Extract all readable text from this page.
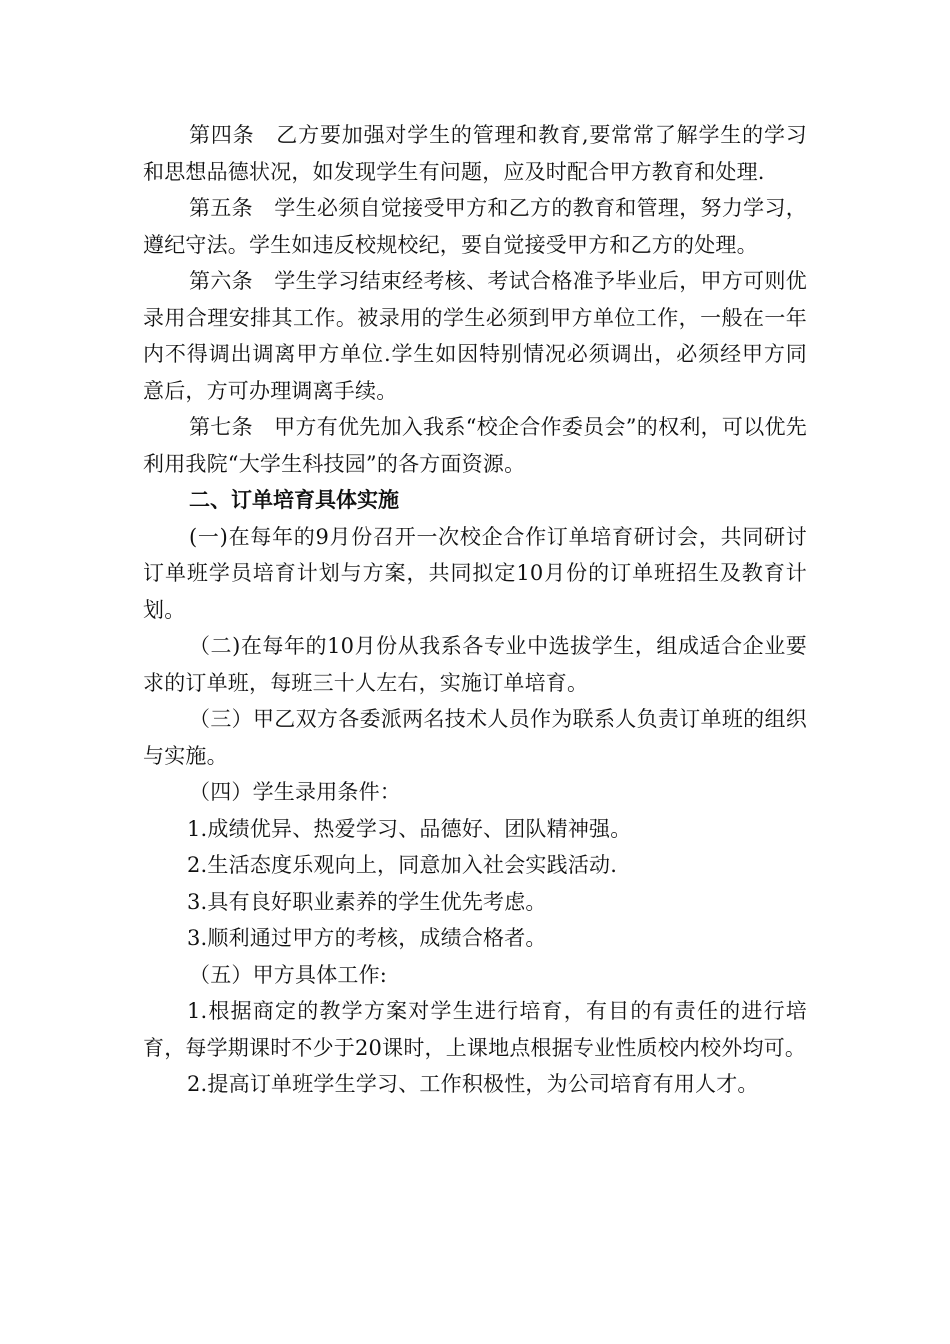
第四条　乙方要加强对学生的管理和教育,要常常了解学生的学习和思想品德状况，如发现学生有问题，应及时配合甲方教育和处理.

第五条　学生必须自觉接受甲方和乙方的教育和管理，努力学习，遵纪守法。学生如违反校规校纪，要自觉接受甲方和乙方的处理。

第六条　学生学习结束经考核、考试合格准予毕业后，甲方可则优录用合理安排其工作。被录用的学生必须到甲方单位工作，一般在一年内不得调出调离甲方单位.学生如因特别情况必须调出，必须经甲方同意后，方可办理调离手续。

第七条　甲方有优先加入我系“校企合作委员会”的权利，可以优先利用我院“大学生科技园”的各方面资源。

二、订单培育具体实施

(一)在每年的9月份召开一次校企合作订单培育研讨会，共同研讨订单班学员培育计划与方案，共同拟定10月份的订单班招生及教育计划。

（二)在每年的10月份从我系各专业中选拔学生，组成适合企业要求的订单班，每班三十人左右，实施订单培育。

（三）甲乙双方各委派两名技术人员作为联系人负责订单班的组织与实施。

（四）学生录用条件：

1.成绩优异、热爱学习、品德好、团队精神强。

2.生活态度乐观向上，同意加入社会实践活动.

3.具有良好职业素养的学生优先考虑。

3.顺利通过甲方的考核，成绩合格者。

（五）甲方具体工作:

1.根据商定的教学方案对学生进行培育，有目的有责任的进行培育，每学期课时不少于20课时，上课地点根据专业性质校内校外均可。

2.提高订单班学生学习、工作积极性，为公司培育有用人才。
